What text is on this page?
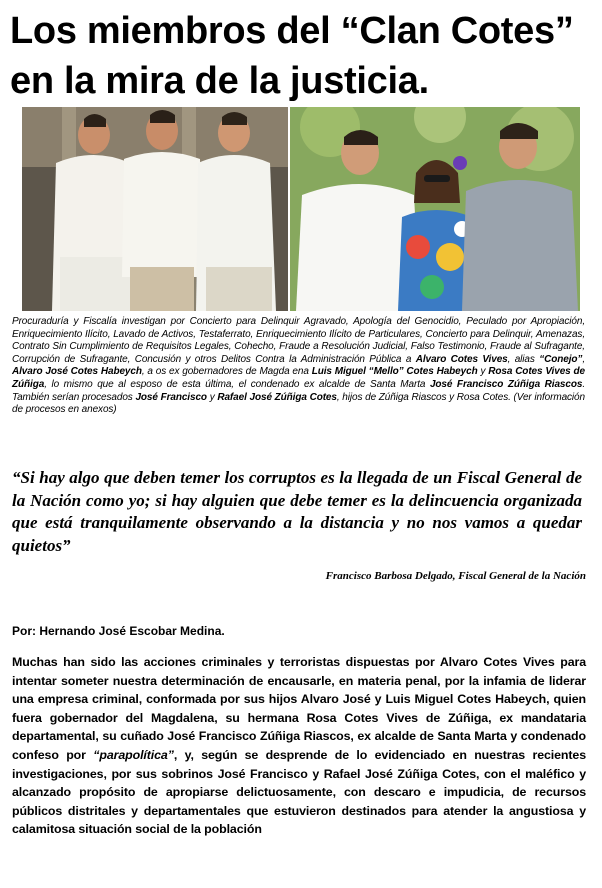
Los miembros del “Clan Cotes”
en la mira de la justicia.

Procuraduría y Fiscalía investigan por Concierto para Delinquir Agravado, Apología del Genocidio, Peculado por Apropiación, Enriquecimiento Ilícito, Lavado de Activos, Testaferrato, Enriquecimiento Ilícito de Particulares, Concierto para Delinquir, Amenazas, Contrato Sin Cumplimiento de Requisitos Legales, Cohecho, Fraude a Resolución Judicial, Falso Testimonio, Fraude al Sufragante, Corrupción de Sufragante, Concusión y otros Delitos Contra la Administración Pública a Alvaro Cotes Vives, alias “Conejo”, Alvaro José Cotes Habeych, a os ex gobernadores de Magda ena Luis Miguel “Mello” Cotes Habeych y Rosa Cotes Vives de Zúñiga, lo mismo que al esposo de esta última, el condenado ex alcalde de Santa Marta José Francisco Zúñiga Riascos. También serían procesados José Francisco y Rafael José Zúñiga Cotes, hijos de Zúñiga Riascos y Rosa Cotes. (Ver información de procesos en anexos)

“Si hay algo que deben temer los corruptos es la llegada de un Fiscal General de la Nación como yo; si hay alguien que debe temer es la delincuencia organizada que está tranquilamente observando a la distancia y no nos vamos a quedar quietos”

Francisco Barbosa Delgado, Fiscal General de la Nación

Por: Hernando José Escobar Medina.

Muchas han sido las acciones criminales y terroristas dispuestas por Alvaro Cotes Vives para intentar someter nuestra determinación de encausarle, en materia penal, por la infamia de liderar una empresa criminal, conformada por sus hijos Alvaro José y Luis Miguel Cotes Habeych, quien fuera gobernador del Magdalena, su hermana Rosa Cotes Vives de Zúñiga, ex mandataria departamental, su cuñado José Francisco Zúñiga Riascos, ex alcalde de Santa Marta y condenado confeso por “parapolítica”, y, según se desprende de lo evidenciado en nuestras recientes investigaciones, por sus sobrinos José Francisco y Rafael José Zúñiga Cotes, con el maléfico y alcanzado propósito de apropiarse delictuosamente, con descaro e impudicia, de recursos públicos distritales y departamentales que estuvieron destinados para atender la angustiosa y calamitosa situación social de la población
